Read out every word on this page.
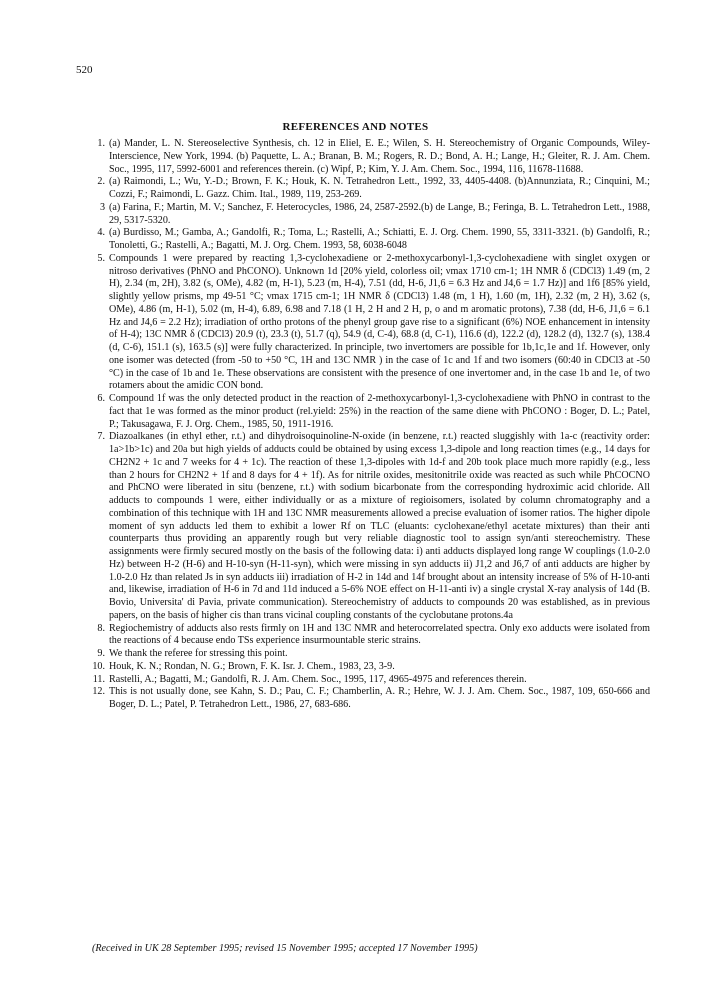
520
REFERENCES AND NOTES
1. (a) Mander, L. N. Stereoselective Synthesis, ch. 12 in Eliel, E. E.; Wilen, S. H. Stereochemistry of Organic Compounds, Wiley-Interscience, New York, 1994. (b) Paquette, L. A.; Branan, B. M.; Rogers, R. D.; Bond, A. H.; Lange, H.; Gleiter, R. J. Am. Chem. Soc., 1995, 117, 5992-6001 and references therein. (c) Wipf, P.; Kim, Y. J. Am. Chem. Soc., 1994, 116, 11678-11688.
2. (a) Raimondi, L.; Wu, Y.-D.; Brown, F. K.; Houk, K. N. Tetrahedron Lett., 1992, 33, 4405-4408. (b)Annunziata, R.; Cinquini, M.; Cozzi, F.; Raimondi, L. Gazz. Chim. Ital., 1989, 119, 253-269.
3 (a) Farina, F.; Martin, M. V.; Sanchez, F. Heterocycles, 1986, 24, 2587-2592.(b) de Lange, B.; Feringa, B. L. Tetrahedron Lett., 1988, 29, 5317-5320.
4. (a) Burdisso, M.; Gamba, A.; Gandolfi, R.; Toma, L.; Rastelli, A.; Schiatti, E. J. Org. Chem. 1990, 55, 3311-3321. (b) Gandolfi, R.; Tonoletti, G.; Rastelli, A.; Bagatti, M. J. Org. Chem. 1993, 58, 6038-6048
5. Compounds 1 were prepared by reacting 1,3-cyclohexadiene or 2-methoxycarbonyl-1,3-cyclohexadiene with singlet oxygen or nitroso derivatives (PhNO and PhCONO). Unknown 1d [20% yield, colorless oil; νmax 1710 cm-1; 1H NMR δ (CDCl3) 1.49 (m, 2 H), 2.34 (m, 2H), 3.82 (s, OMe), 4.82 (m, H-1), 5.23 (m, H-4), 7.51 (dd, H-6, J1,6 = 6.3 Hz and J4,6 = 1.7 Hz)] and 1f6 [85% yield, slightly yellow prisms, mp 49-51 °C; νmax 1715 cm-1; 1H NMR δ (CDCl3) 1.48 (m, 1 H), 1.60 (m, 1H), 2.32 (m, 2 H), 3.62 (s, OMe), 4.86 (m, H-1), 5.02 (m, H-4), 6.89, 6.98 and 7.18 (1 H, 2 H and 2 H, p, o and m aromatic protons), 7.38 (dd, H-6, J1,6 = 6.1 Hz and J4,6 = 2.2 Hz); irradiation of ortho protons of the phenyl group gave rise to a significant (6%) NOE enhancement in intensity of H-4); 13C NMR δ (CDCl3) 20.9 (t), 23.3 (t), 51.7 (q), 54.9 (d, C-4), 68.8 (d, C-1), 116.6 (d), 122.2 (d), 128.2 (d), 132.7 (s), 138.4 (d, C-6), 151.1 (s), 163.5 (s)] were fully characterized. In principle, two invertomers are possible for 1b,1c,1e and 1f. However, only one isomer was detected (from -50 to +50 °C, 1H and 13C NMR ) in the case of 1c and 1f and two isomers (60:40 in CDCl3 at -50 °C) in the case of 1b and 1e. These observations are consistent with the presence of one invertomer and, in the case 1b and 1e, of two rotamers about the amidic CON bond.
6. Compound 1f was the only detected product in the reaction of 2-methoxycarbonyl-1,3-cyclohexadiene with PhNO in contrast to the fact that 1e was formed as the minor product (rel.yield: 25%) in the reaction of the same diene with PhCONO : Boger, D. L.; Patel, P.; Takusagawa, F. J. Org. Chem., 1985, 50, 1911-1916.
7. Diazoalkanes (in ethyl ether, r.t.) and dihydroisoquinoline-N-oxide (in benzene, r.t.) reacted sluggishly with 1a-c (reactivity order: 1a>1b>1c) and 20a but high yields of adducts could be obtained by using excess 1,3-dipole and long reaction times (e.g., 14 days for CH2N2 + 1c and 7 weeks for 4 + 1c). The reaction of these 1,3-dipoles with 1d-f and 20b took place much more rapidly (e.g., less than 2 hours for CH2N2 + 1f and 8 days for 4 + 1f). As for nitrile oxides, mesitonitrile oxide was reacted as such while PhCOCNO and PhCNO were liberated in situ (benzene, r.t.) with sodium bicarbonate from the corresponding hydroximic acid chloride. All adducts to compounds 1 were, either individually or as a mixture of regioisomers, isolated by column chromatography and a combination of this technique with 1H and 13C NMR measurements allowed a precise evaluation of isomer ratios. The higher dipole moment of syn adducts led them to exhibit a lower Rf on TLC (eluants: cyclohexane/ethyl acetate mixtures) than their anti counterparts thus providing an apparently rough but very reliable diagnostic tool to assign syn/anti stereochemistry. These assignments were firmly secured mostly on the basis of the following data: i) anti adducts displayed long range W couplings (1.0-2.0 Hz) between H-2 (H-6) and H-10-syn (H-11-syn), which were missing in syn adducts ii) J1,2 and J6,7 of anti adducts are higher by 1.0-2.0 Hz than related Js in syn adducts iii) irradiation of H-2 in 14d and 14f brought about an intensity increase of 5% of H-10-anti and, likewise, irradiation of H-6 in 7d and 11d induced a 5-6% NOE effect on H-11-anti iv) a single crystal X-ray analysis of 14d (B. Bovio, Universita' di Pavia, private communication). Stereochemistry of adducts to compounds 20 was established, as in previous papers, on the basis of higher cis than trans vicinal coupling constants of the cyclobutane protons.4a
8. Regiochemistry of adducts also rests firmly on 1H and 13C NMR and heterocorrelated spectra. Only exo adducts were isolated from the reactions of 4 because endo TSs experience insurmountable steric strains.
9. We thank the referee for stressing this point.
10. Houk, K. N.; Rondan, N. G.; Brown, F. K. Isr. J. Chem., 1983, 23, 3-9.
11. Rastelli, A.; Bagatti, M.; Gandolfi, R. J. Am. Chem. Soc., 1995, 117, 4965-4975 and references therein.
12. This is not usually done, see Kahn, S. D.; Pau, C. F.; Chamberlin, A. R.; Hehre, W. J. J. Am. Chem. Soc., 1987, 109, 650-666 and Boger, D. L.; Patel, P. Tetrahedron Lett., 1986, 27, 683-686.
(Received in UK 28 September 1995; revised 15 November 1995; accepted 17 November 1995)
